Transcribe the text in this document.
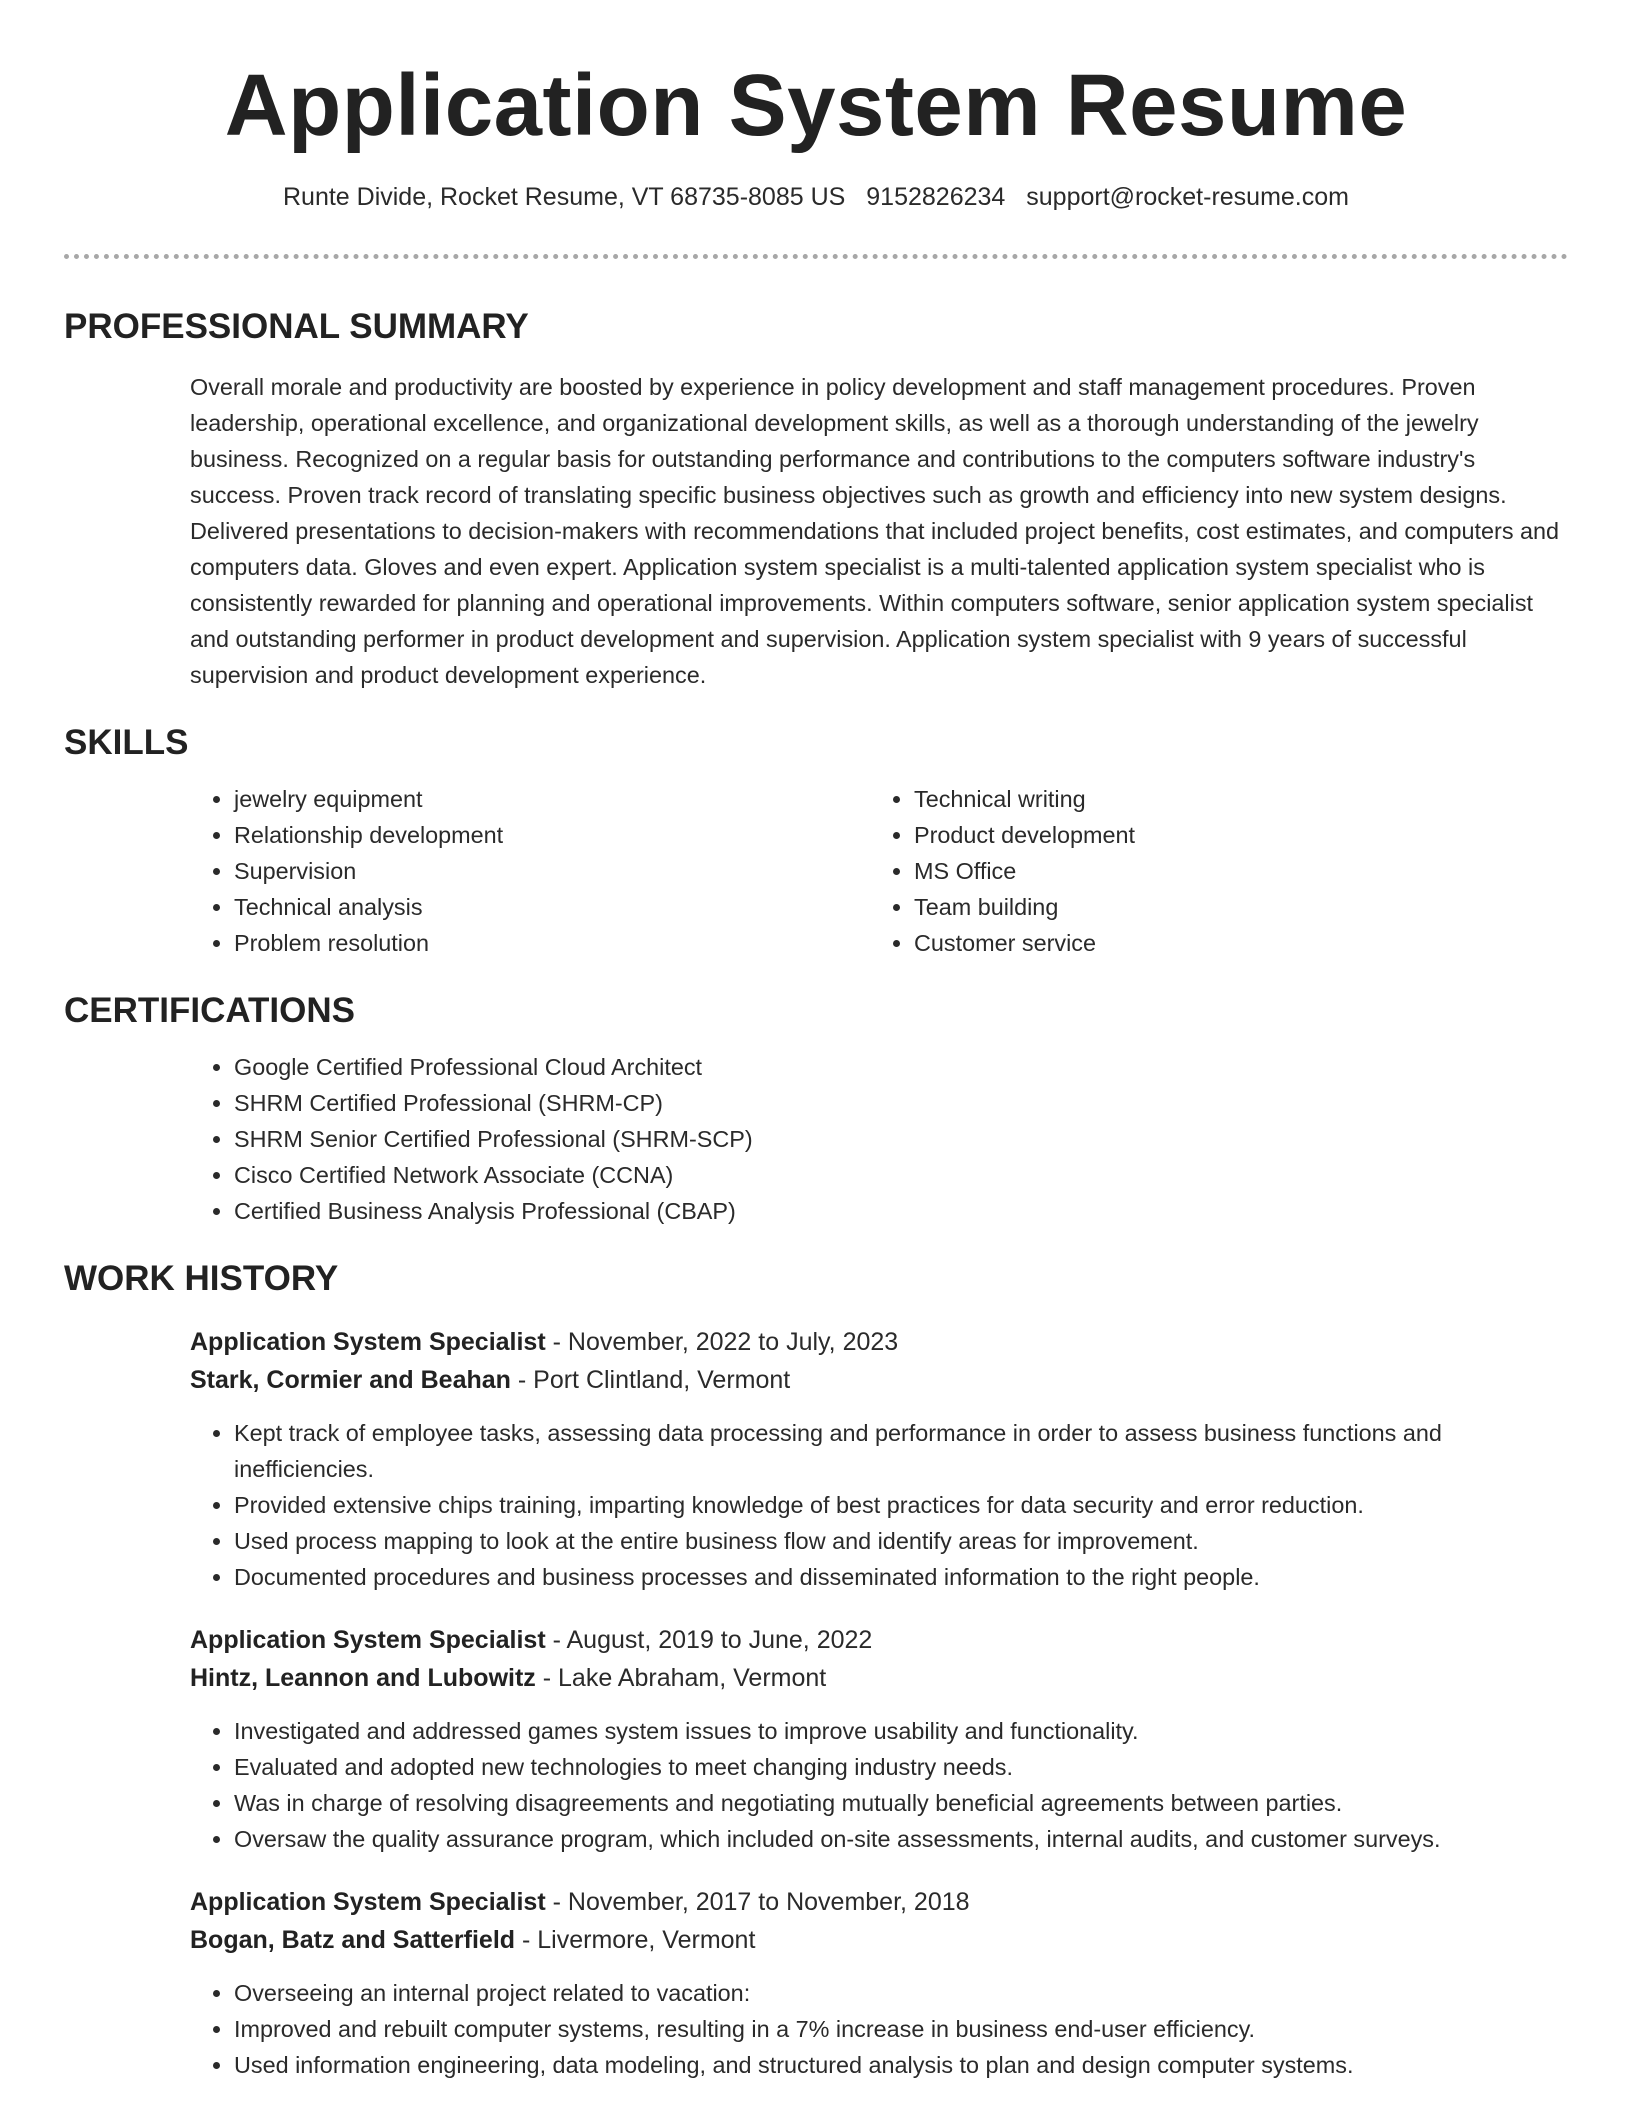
Application System Resume
Runte Divide, Rocket Resume, VT 68735-8085 US 9152826234 support@rocket-resume.com
PROFESSIONAL SUMMARY

Overall morale and productivity are boosted by experience in policy development and staff management procedures. Proven leadership, operational excellence, and organizational development skills, as well as a thorough understanding of the jewelry business. Recognized on a regular basis for outstanding performance and contributions to the computers software industry's success. Proven track record of translating specific business objectives such as growth and efficiency into new system designs. Delivered presentations to decision-makers with recommendations that included project benefits, cost estimates, and computers and computers data. Gloves and even expert. Application system specialist is a multi-talented application system specialist who is consistently rewarded for planning and operational improvements. Within computers software, senior application system specialist and outstanding performer in product development and supervision. Application system specialist with 9 years of successful supervision and product development experience.

SKILLS
• jewelry equipment
• Relationship development
• Supervision
• Technical analysis
• Problem resolution
• Technical writing
• Product development
• MS Office
• Team building
• Customer service
CERTIFICATIONS
• Google Certified Professional Cloud Architect
• SHRM Certified Professional (SHRM-CP)
• SHRM Senior Certified Professional (SHRM-SCP)
• Cisco Certified Network Associate (CCNA)
• Certified Business Analysis Professional (CBAP)
WORK HISTORY
Application System Specialist - November, 2022 to July, 2023
Stark, Cormier and Beahan - Port Clintland, Vermont
• Kept track of employee tasks, assessing data processing and performance in order to assess business functions and inefficiencies.
• Provided extensive chips training, imparting knowledge of best practices for data security and error reduction.
• Used process mapping to look at the entire business flow and identify areas for improvement.
• Documented procedures and business processes and disseminated information to the right people.
Application System Specialist - August, 2019 to June, 2022
Hintz, Leannon and Lubowitz - Lake Abraham, Vermont
• Investigated and addressed games system issues to improve usability and functionality.
• Evaluated and adopted new technologies to meet changing industry needs.
• Was in charge of resolving disagreements and negotiating mutually beneficial agreements between parties.
• Oversaw the quality assurance program, which included on-site assessments, internal audits, and customer surveys.
Application System Specialist - November, 2017 to November, 2018
Bogan, Batz and Satterfield - Livermore, Vermont
• Overseeing an internal project related to vacation:
• Improved and rebuilt computer systems, resulting in a 7% increase in business end-user efficiency.
• Used information engineering, data modeling, and structured analysis to plan and design computer systems.
